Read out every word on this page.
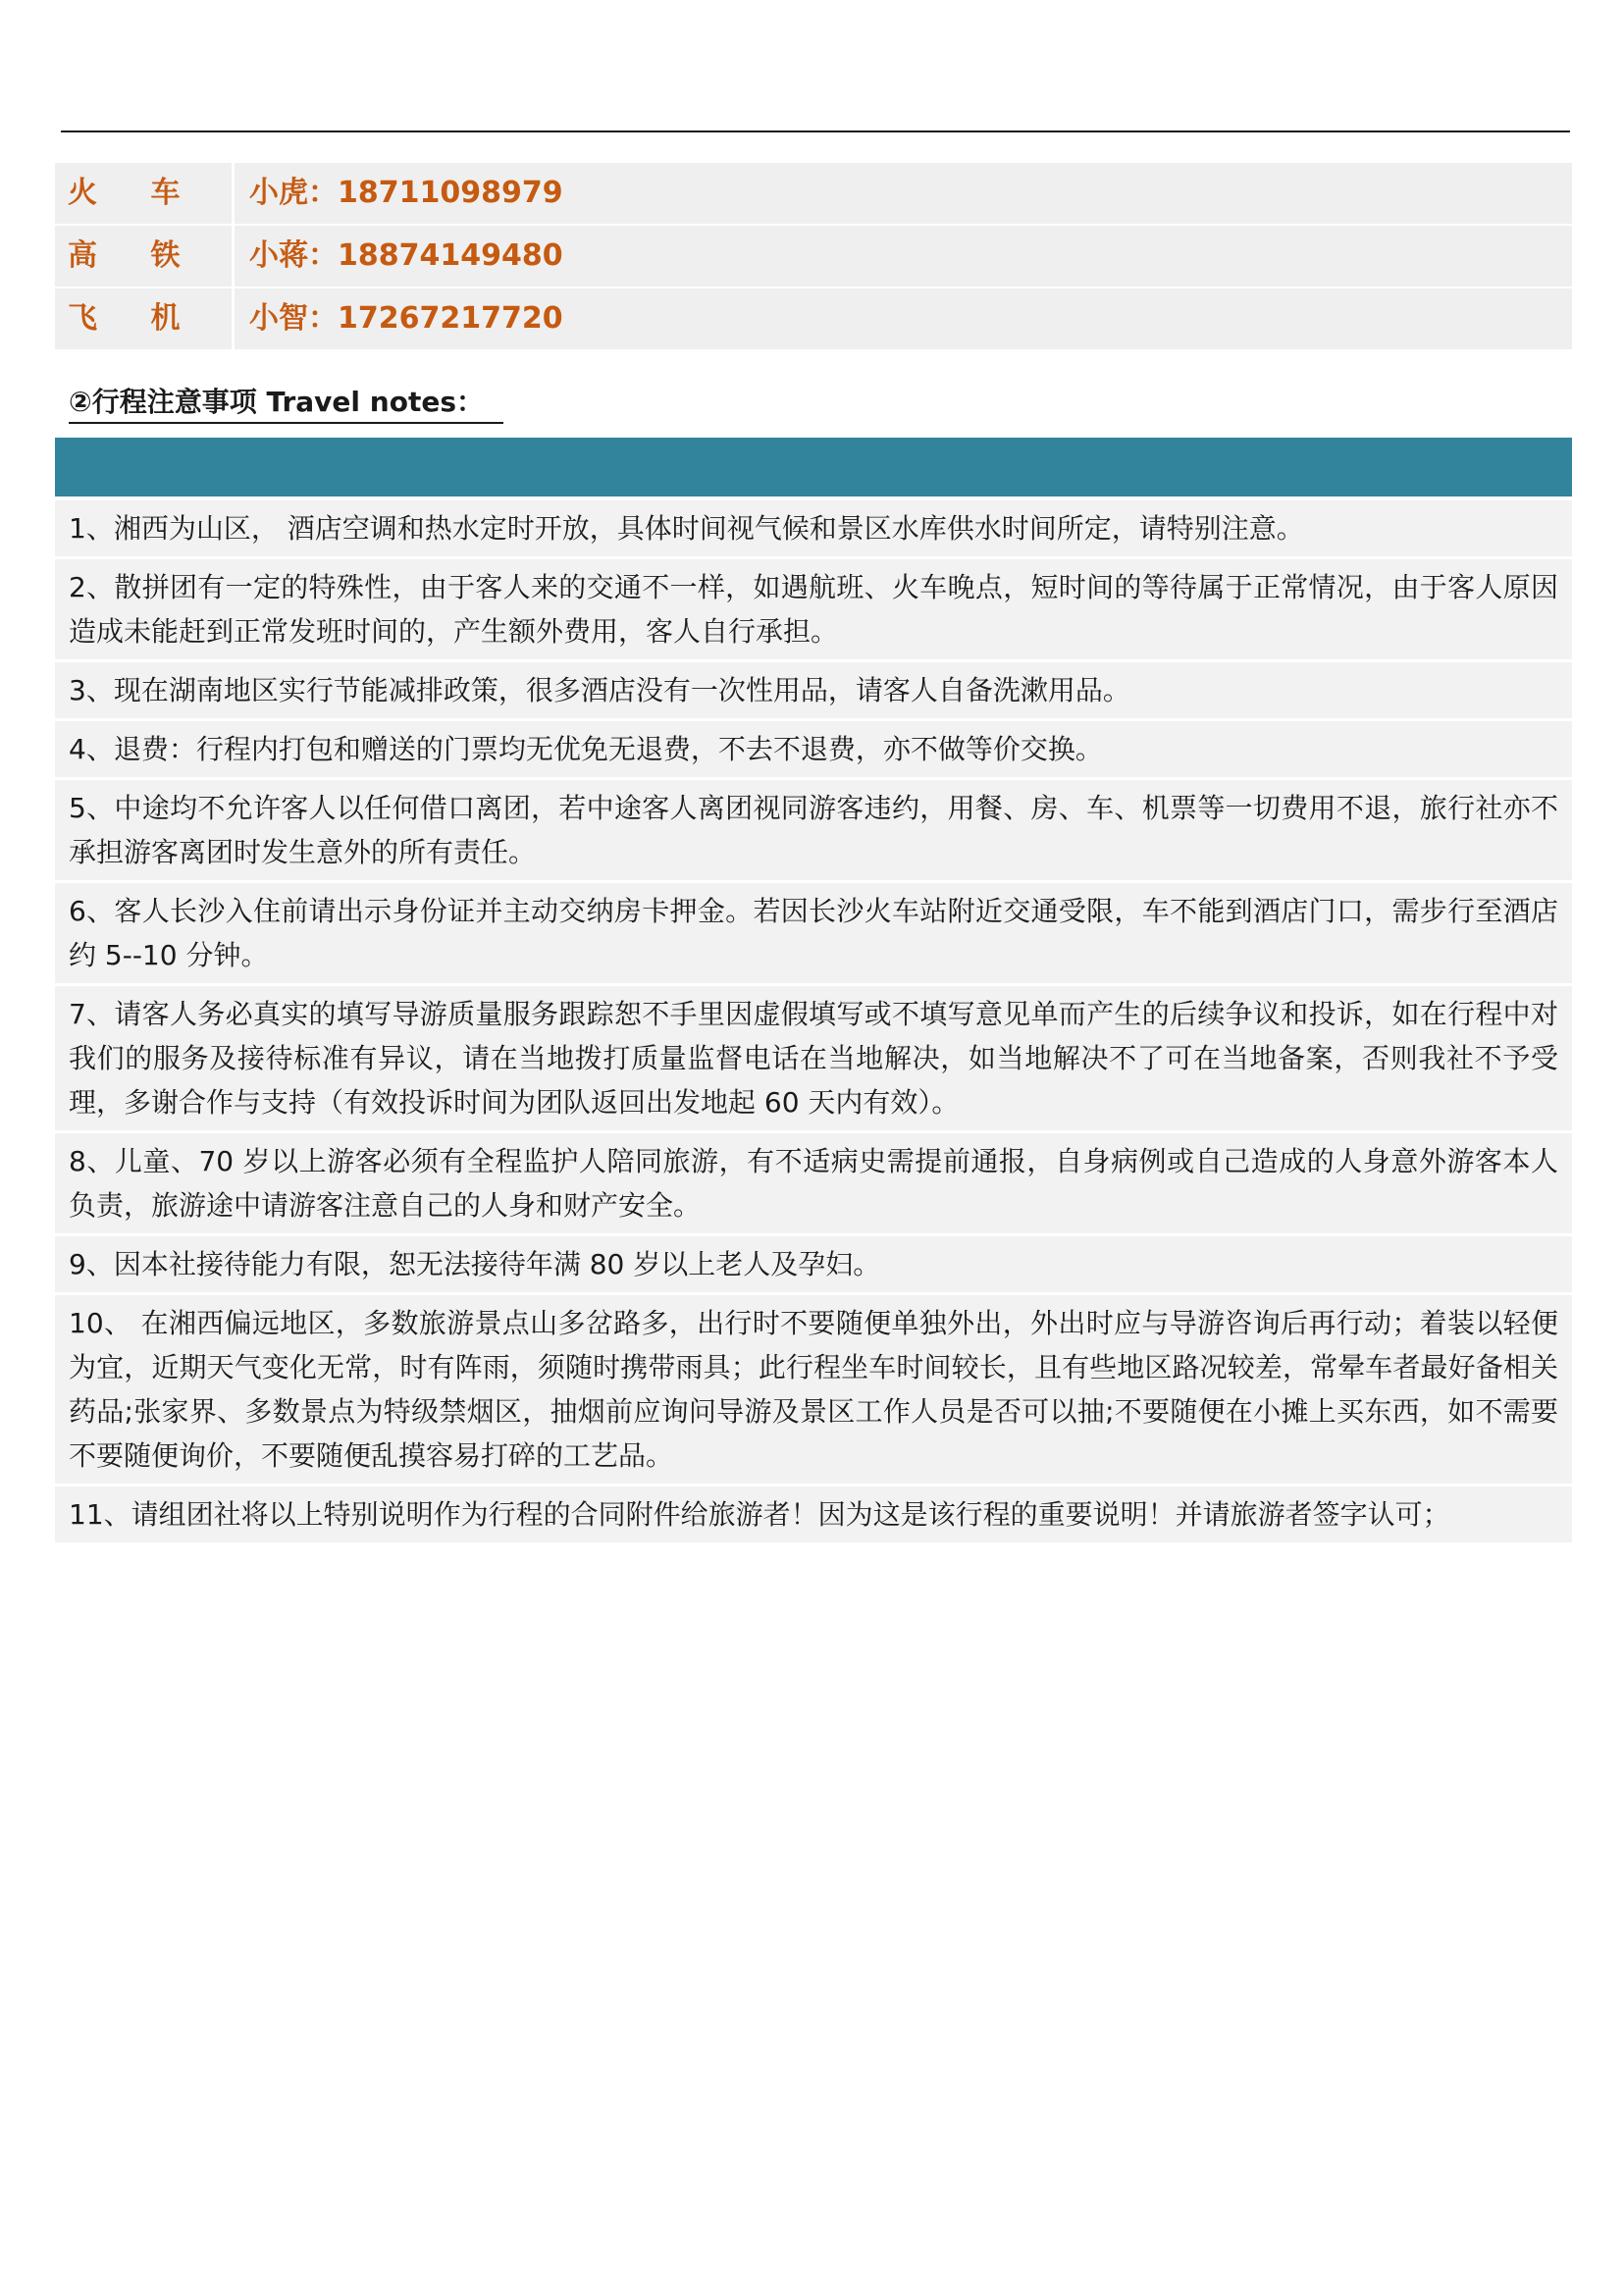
火 车	小虎：18711098979
高 铁	小蒋：18874149480
飞 机	小智：17267217720
②行程注意事项 Travel notes：
1、湘西为山区， 酒店空调和热水定时开放，具体时间视气候和景区水库供水时间所定，请特别注意。
2、散拼团有一定的特殊性，由于客人来的交通不一样，如遇航班、火车晚点，短时间的等待属于正常情况，由于客人原因造成未能赶到正常发班时间的，产生额外费用，客人自行承担。
3、现在湖南地区实行节能减排政策，很多酒店没有一次性用品，请客人自备洗漱用品。
4、退费：行程内打包和赠送的门票均无优免无退费，不去不退费，亦不做等价交换。
5、中途均不允许客人以任何借口离团，若中途客人离团视同游客违约，用餐、房、车、机票等一切费用不退，旅行社亦不承担游客离团时发生意外的所有责任。
6、客人长沙入住前请出示身份证并主动交纳房卡押金。若因长沙火车站附近交通受限，车不能到酒店门口，需步行至酒店约 5--10 分钟。
7、请客人务必真实的填写导游质量服务跟踪恕不手里因虚假填写或不填写意见单而产生的后续争议和投诉，如在行程中对我们的服务及接待标准有异议，请在当地拨打质量监督电话在当地解决，如当地解决不了可在当地备案，否则我社不予受理，多谢合作与支持（有效投诉时间为团队返回出发地起 60 天内有效）。
8、儿童、70 岁以上游客必须有全程监护人陪同旅游，有不适病史需提前通报，自身病例或自己造成的人身意外游客本人负责，旅游途中请游客注意自己的人身和财产安全。
9、因本社接待能力有限，恕无法接待年满 80 岁以上老人及孕妇。
10、 在湘西偏远地区，多数旅游景点山多岔路多，出行时不要随便单独外出，外出时应与导游咨询后再行动；着装以轻便为宜，近期天气变化无常，时有阵雨，须随时携带雨具；此行程坐车时间较长，且有些地区路况较差，常晕车者最好备相关药品;张家界、多数景点为特级禁烟区，抽烟前应询问导游及景区工作人员是否可以抽;不要随便在小摊上买东西，如不需要不要随便询价，不要随便乱摸容易打碎的工艺品。
11、请组团社将以上特别说明作为行程的合同附件给旅游者！因为这是该行程的重要说明！并请旅游者签字认可；
